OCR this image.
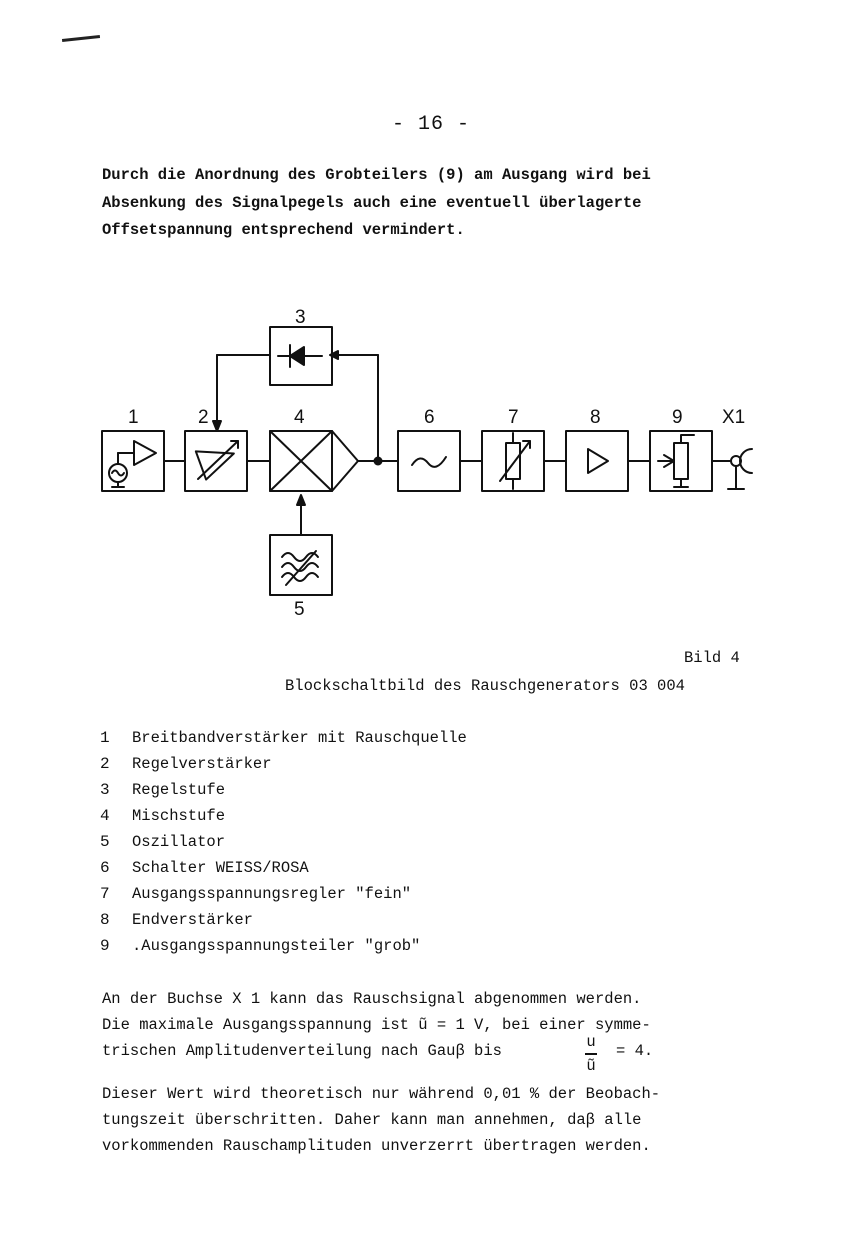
- 16 -
Durch die Anordnung des Grobteilers (9) am Ausgang wird bei
Absenkung des Signalpegels auch eine eventuell überlagerte
Offsetspannung entsprechend vermindert.
1	2
3
4
5
6	7	8	9 X1
Bild 4
Blockschaltbild des Rauschgenerators 03 004
1 Breitbandverstärker mit Rauschquelle
2 Regelverstärker
3 Regelstufe
4 Mischstufe
5 Oszillator
6 Schalter WEISS/ROSA
7 Ausgangsspannungsregler "fein"
8 Endverstärker
9 .Ausgangsspannungsteiler "grob"
An der Buchse X 1 kann das Rauschsignal abgenommen werden.
Die maximale Ausgangsspannung ist ũ = 1 V, bei einer symme-
trischen Amplitudenverteilung nach Gauβ bis	u
ũ
= 4.
Dieser Wert wird theoretisch nur während 0,01 % der Beobach-
tungszeit überschritten. Daher kann man annehmen, daβ alle
vorkommenden Rauschamplituden unverzerrt übertragen werden.
